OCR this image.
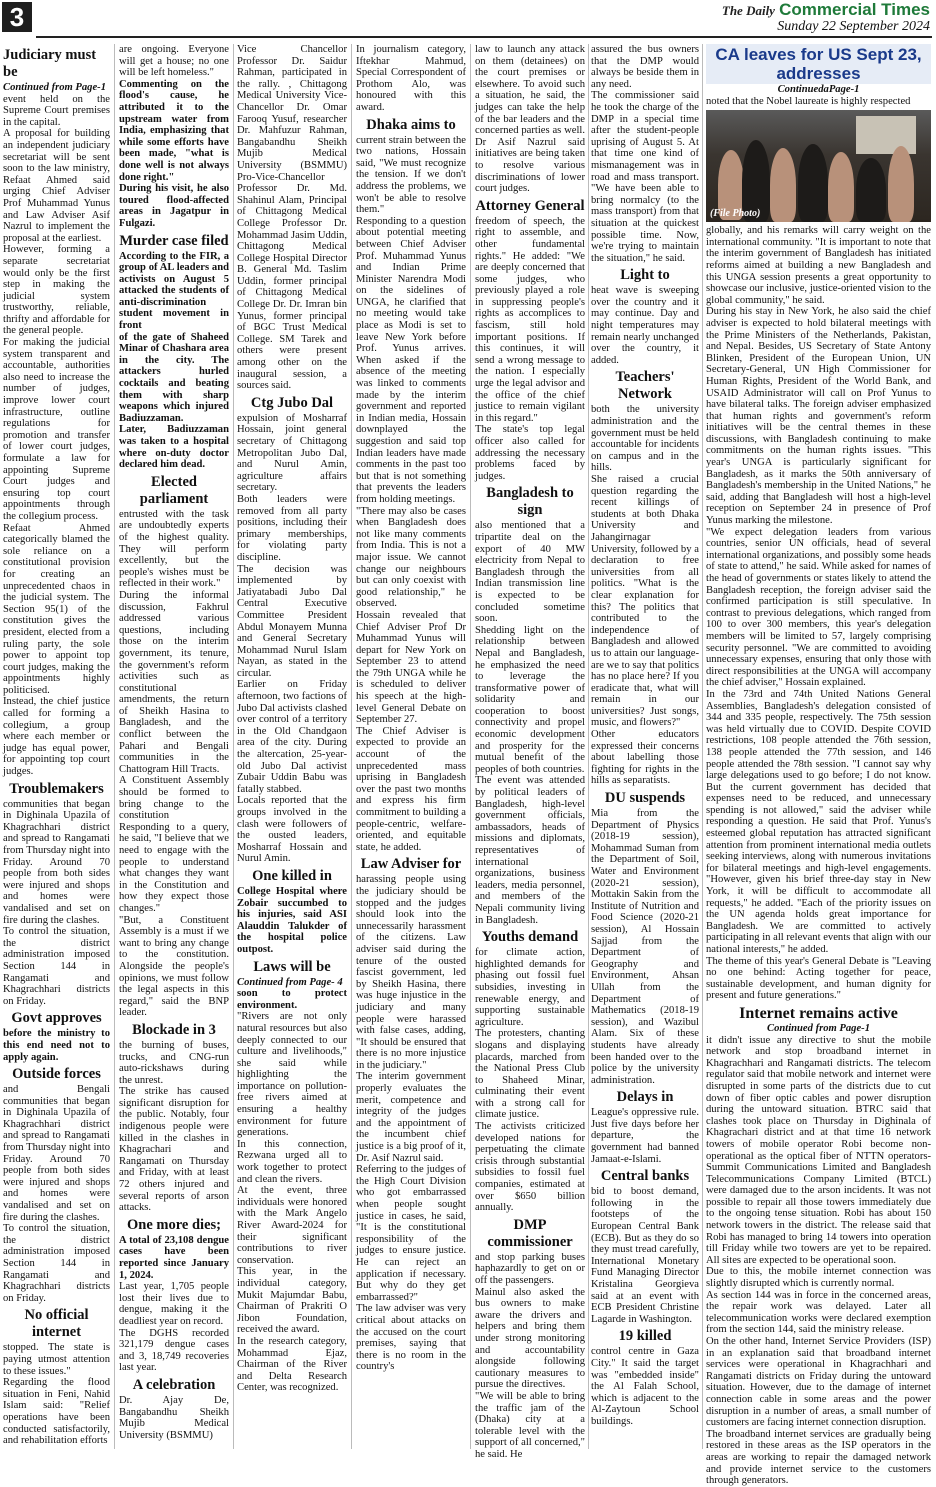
3	The Daily Commercial Times
Sunday 22 September 2024
Judiciary must be

Continued from Page-1

event held on the Supreme Court premises in the capital.

A proposal for building an independent judiciary secretariat will be sent soon to the law ministry, Refaat Ahmed said urging Chief Adviser Prof Muhammad Yunus and Law Adviser Asif Nazrul to implement the proposal at the earliest.

However, forming a separate secretariat would only be the first step in making the judicial system trustworthy, reliable, thrifty and affordable for the general people.

For making the judicial system transparent and accountable, authorities also need to increase the number of judges, improve lower court infrastructure, outline regulations for promotion and transfer of lower court judges, formulate a law for appointing Supreme Court judges and ensuring top court appointments through the collegium process.

Refaat Ahmed categorically blamed the sole reliance on a constitutional provision for creating an unprecedented chaos in the judicial system. The Section 95(1) of the constitution gives the president, elected from a ruling party, the sole power to appoint top court judges, making the appointments highly politicised.

Instead, the chief justice called for forming a collegium, a group where each member or judge has equal power, for appointing top court judges.

Troublemakers

communities that began in Dighinala Upazila of Khagrachhari district and spread to Rangamati from Thursday night into Friday. Around 70 people from both sides were injured and shops and homes were vandalised and set on fire during the clashes.

To control the situation, the district administration imposed Section 144 in Rangamati and Khagrachhari districts on Friday.

Govt approves

before the ministry to this end need not to apply again.

Outside forces

and Bengali communities that began in Dighinala Upazila of Khagrachhari district and spread to Rangamati from Thursday night into Friday. Around 70 people from both sides were injured and shops and homes were vandalised and set on fire during the clashes.

To control the situation, the district administration imposed Section 144 in Rangamati and Khagrachhari districts on Friday.

No official internet

stopped. The state is paying utmost attention to these issues."

Regarding the flood situation in Feni, Nahid Islam said: "Relief operations have been conducted satisfactorily, and rehabilitation efforts

are ongoing. Everyone will get a house; no one will be left homeless."

Commenting on the flood's cause, he attributed it to the upstream water from India, emphasizing that while some efforts have been made, "what is done well is not always done right."

During his visit, he also toured flood-affected areas in Jagatpur in Fulgazi.

Murder case filed

According to the FIR, a group of AL leaders and activists on August 5 attacked the students of anti-discrimination student movement in front

of the gate of Shaheed Minar of Chashara area in the city. The attackers hurled cocktails and beating them with sharp weapons which injured Badiuzzaman.

Later, Badiuzzaman was taken to a hospital where on-duty doctor declared him dead.

Elected parliament

entrusted with the task are undoubtedly experts of the highest quality. They will perform excellently, but the people's wishes must be reflected in their work."

During the informal discussion, Fakhrul addressed various questions, including those on the interim government, its tenure, the government's reform activities such as constitutional amendments, the return of Sheikh Hasina to Bangladesh, and the conflict between the Pahari and Bengali communities in the Chattogram Hill Tracts.

A Constituent Assembly should be formed to bring change to the constitution

Responding to a query, he said, "I believe that we need to engage with the people to understand what changes they want in the Constitution and how they expect those changes."

"But, a Constituent Assembly is a must if we want to bring any change to the constitution. Alongside the people's opinions, we must follow the legal aspects in this regard," said the BNP leader.

Blockade in 3

the burning of buses, trucks, and CNG-run auto-rickshaws during the unrest.

The strike has caused significant disruption for the public. Notably, four indigenous people were killed in the clashes in Khagrachari and Rangamati on Thursday and Friday, with at least 72 others injured and several reports of arson attacks.

One more dies;

A total of 23,108 dengue cases have been reported since January 1, 2024.

Last year, 1,705 people lost their lives due to dengue, making it the deadliest year on record.

The DGHS recorded 321,179 dengue cases and 3, 18,749 recoveries last year.

A celebration

Dr. Ajay De, Bangabandhu Sheikh Mujib Medical University (BSMMU)

Vice Chancellor Professor Dr. Saidur Rahman, participated in the rally. , Chittagong Medical University Vice-Chancellor Dr. Omar Farooq Yusuf, researcher Dr. Mahfuzur Rahman, Bangabandhu Sheikh Mujib Medical University (BSMMU) Pro-Vice-Chancellor Professor Dr. Md. Shahinul Alam, Principal of Chittagong Medical College Professor Dr. Mohammad Jasim Uddin, Chittagong Medical College Hospital Director B. General Md. Taslim Uddin, former principal of Chittagong Medical College Dr. Dr. Imran bin Yunus, former principal of BGC Trust Medical College. SM Tarek and others were present among other on the inaugural session, a sources said.

Ctg Jubo Dal

expulsion of Mosharraf Hossain, joint general secretary of Chittagong Metropolitan Jubo Dal, and Nurul Amin, agriculture affairs secretary.

Both leaders were removed from all party positions, including their primary memberships, for violating party discipline.

The decision was implemented by Jatiyatabadi Jubo Dal Central Executive Committee President Abdul Monayem Munna and General Secretary Mohammad Nurul Islam Nayan, as stated in the circular.

Earlier on Friday afternoon, two factions of Jubo Dal activists clashed over control of a territory in the Old Chandgaon area of the city. During the altercation, 25-year-old Jubo Dal activist Zubair Uddin Babu was fatally stabbed.

Locals reported that the groups involved in the clash were followers of the ousted leaders, Mosharraf Hossain and Nurul Amin.

One killed in

College Hospital where Zobair succumbed to his injuries, said ASI Alauddin Talukder of the hospital police outpost.

Laws will be

Continued from Page- 4

soon to protect environment.

"Rivers are not only natural resources but also deeply connected to our culture and livelihoods," she said while highlighting the importance on pollution-free rivers aimed at ensuring a healthy environment for future generations.

In this connection, Rezwana urged all to work together to protect and clean the rivers.

At the event, three individuals were honored with the Mark Angelo River Award-2024 for their significant contributions to river conservation.

This year, in the individual category, Mukit Majumdar Babu, Chairman of Prakriti O Jibon Foundation, received the award.

In the research category, Mohammad Ejaz, Chairman of the River and Delta Research Center, was recognized.

In journalism category, Iftekhar Mahmud, Special Correspondent of Prothom Alo, was honoured with this award.

Dhaka aims to

current strain between the two nations, Hossain said, "We must recognize the tension. If we don't address the problems, we won't be able to resolve them."

Responding to a question about potential meeting between Chief Adviser Prof. Muhammad Yunus and Indian Prime Minister Narendra Modi on the sidelines of UNGA, he clarified that no meeting would take place as Modi is set to leave New York before Prof. Yunus arrives. When asked if the absence of the meeting was linked to comments made by the interim government and reported in Indian media, Hossain downplayed the suggestion and said top Indian leaders have made comments in the past too but that is not something that prevents the leaders from holding meetings.

"There may also be cases when Bangladesh does not like many comments from India. This is not a major issue. We cannot change our neighbours but can only coexist with good relationship," he observed.

Hossain revealed that Chief Adviser Prof Dr Muhammad Yunus will depart for New York on September 23 to attend the 79th UNGA while he is scheduled to deliver his speech at the high-level General Debate on September 27.

The Chief Adviser is expected to provide an account of the unprecedented mass uprising in Bangladesh over the past two months and express his firm commitment to building a people-centric, welfare-oriented, and equitable state, he added.

Law Adviser for

harassing people using the judiciary should be stopped and the judges should look into the unnecessarily harassment of the citizens. Law adviser said during the tenure of the ousted fascist government, led by Sheikh Hasina, there was huge injustice in the judiciary and many people were harassed with false cases, adding, "It should be ensured that there is no more injustice in the judiciary."

The interim government properly evaluates the merit, competence and integrity of the judges and the appointment of the incumbent chief justice is a big proof of it, Dr. Asif Nazrul said.

Referring to the judges of the High Court Division who got embarrassed when people sought justice in cases, he said, "It is the constitutional responsibility of the judges to ensure justice. He can reject an application if necessary. But why do they get embarrassed?"

The law adviser was very critical about attacks on the accused on the court premises, saying that there is no room in the country's

law to launch any attack on them (detainees) on the court premises or elsewhere. To avoid such a situation, he said, the judges can take the help of the bar leaders and the concerned parties as well. Dr Asif Nazrul said initiatives are being taken to resolve various discriminations of lower court judges.

Attorney General

freedom of speech, the right to assemble, and other fundamental rights." He added: "We are deeply concerned that some judges, who previously played a role in suppressing people's rights as accomplices to fascism, still hold important positions. If this continues, it will send a wrong message to the nation. I especially urge the legal advisor and the office of the chief justice to remain vigilant in this regard."

The state's top legal officer also called for addressing the necessary problems faced by judges.

Bangladesh to sign

also mentioned that a tripartite deal on the export of 40 MW electricity from Nepal to Bangladesh through the Indian transmission line is expected to be concluded sometime soon.

Shedding light on the relationship between Nepal and Bangladesh, he emphasized the need to leverage the transformative power of solidarity and cooperation to boost connectivity and propel economic development and prosperity for the mutual benefit of the peoples of both countries.

The event was attended by political leaders of Bangladesh, high-level government officials, ambassadors, heads of missions and diplomats, representatives of international organizations, business leaders, media personnel, and members of the Nepali community living in Bangladesh.

Youths demand

for climate action, highlighted demands for phasing out fossil fuel subsidies, investing in renewable energy, and supporting sustainable agriculture.

The protesters, chanting slogans and displaying placards, marched from the National Press Club to Shaheed Minar, culminating their event with a strong call for climate justice.

The activists criticized developed nations for perpetuating the climate crisis through substantial subsidies to fossil fuel companies, estimated at over $650 billion annually.

DMP commissioner

and stop parking buses haphazardly to get on or off the passengers.

Mainul also asked the bus owners to make aware the drivers and helpers and bring them under strong monitoring and accountability alongside following cautionary measures to pursue the directives.

"We will be able to bring the traffic jam of the (Dhaka) city at a tolerable level with the support of all concerned," he said. He

assured the bus owners that the DMP would always be beside them in any need.

The commissioner said he took the charge of the DMP in a special time after the student-people uprising of August 5. At that time one kind of mismanagement was in road and mass transport. "We have been able to bring normalcy (to the mass transport) from that situation at the quickest possible time. Now, we're trying to maintain the situation," he said.

Light to

heat wave is sweeping over the country and it may continue. Day and night temperatures may remain nearly unchanged over the country, it added.

Teachers' Network

both the university administration and the government must be held accountable for incidents on campus and in the hills.

She raised a crucial question regarding the recent killings of students at both Dhaka University and Jahangirnagar University, followed by a declaration to free universities from all politics. "What is the clear explanation for this? The politics that contributed to the independence of Bangladesh and allowed us to attain our language-are we to say that politics has no place here? If you eradicate that, what will remain in our universities? Just songs, music, and flowers?"

Other educators expressed their concerns about labelling those fighting for rights in the hills as separatists.

DU suspends

Mia from the Department of Physics (2018-19 session), Mohammad Suman from the Department of Soil, Water and Environment (2020-21 session), Mottakin Sakin from the Institute of Nutrition and Food Science (2020-21 session), Al Hossain Sajjad from the Department of Geography and Environment, Ahsan Ullah from the Department of Mathematics (2018-19 session), and Wazibul Alam. Six of these students have already been handed over to the police by the university administration.

Delays in

League's oppressive rule. Just five days before her departure, the government had banned Jamaat-e-Islami.

Central banks

bid to boost demand, following in the footsteps of the European Central Bank (ECB). But as they do so they must tread carefully, International Monetary Fund Managing Director Kristalina Georgieva said at an event with ECB President Christine Lagarde in Washington.

19 killed

control centre in Gaza City." It said the target was "embedded inside" the Al Falah School, which is adjacent to the Al-Zaytoun School buildings.

CA leaves for US Sept 23, addresses

ContinuedaPage-1

noted that the Nobel laureate is highly respected

(File Photo)

globally, and his remarks will carry weight on the international community. "It is important to note that the interim government of Bangladesh has initiated reforms aimed at building a new Bangladesh and this UNGA session presents a great opportunity to showcase our inclusive, justice-oriented vision to the global community," he said.

During his stay in New York, he also said the chief adviser is expected to hold bilateral meetings with the Prime Ministers of the Netherlands, Pakistan, and Nepal. Besides, US Secretary of State Antony Blinken, President of the European Union, UN Secretary-General, UN High Commissioner for Human Rights, President of the World Bank, and USAID Administrator will call on Prof Yunus to have bilateral talks. The foreign adviser emphasized that human rights and government's reform initiatives will be the central themes in these discussions, with Bangladesh continuing to make commitments on the human rights issues. "This year's UNGA is particularly significant for Bangladesh, as it marks the 50th anniversary of Bangladesh's membership in the United Nations," he said, adding that Bangladesh will host a high-level reception on September 24 in presence of Prof Yunus marking the milestone.

"We expect delegation leaders from various countries, senior UN officials, head of several international organizations, and possibly some heads of state to attend," he said. While asked for names of the head of governments or states likely to attend the Bangladesh reception, the foreign adviser said the confirmed participation is still speculative. In contrast to previous delegations, which ranged from 100 to over 300 members, this year's delegation members will be limited to 57, largely comprising security personnel. "We are committed to avoiding unnecessary expenses, ensuring that only those with direct responsibilities at the UNGA will accompany the chief adviser," Hossain explained.

In the 73rd and 74th United Nations General Assemblies, Bangladesh's delegation consisted of 344 and 335 people, respectively. The 75th session was held virtually due to COVID. Despite COVID restrictions, 108 people attended the 76th session, 138 people attended the 77th session, and 146 people attended the 78th session. "I cannot say why large delegations used to go before; I do not know. But the current government has decided that expenses need to be reduced, and unnecessary spending is not allowed," said the adviser while responding a question. He said that Prof. Yunus's esteemed global reputation has attracted significant attention from prominent international media outlets seeking interviews, along with numerous invitations for bilateral meetings and high-level engagements. "However, given his brief three-day stay in New York, it will be difficult to accommodate all requests," he added. "Each of the priority issues on the UN agenda holds great importance for Bangladesh. We are committed to actively participating in all relevant events that align with our national interests," he added.

The theme of this year's General Debate is "Leaving no one behind: Acting together for peace, sustainable development, and human dignity for present and future generations."

Internet remains active

Continued from Page-1

it didn't issue any directive to shut the mobile network and stop broadband internet in Khagrachhari and Rangamati districts. The telecom regulator said that mobile network and internet were disrupted in some parts of the districts due to cut down of fiber optic cables and power disruption during the untoward situation. BTRC said that clashes took place on Thursday in Dighinala of Khagrachari district and at that time 16 network towers of mobile operator Robi become non-operational as the optical fiber of NTTN operators- Summit Communications Limited and Bangladesh Telecommunications Company Limited (BTCL) were damaged due to the arson incidents. It was not possible to repair all those towers immediately due to the ongoing tense situation. Robi has about 150 network towers in the district. The release said that Robi has managed to bring 14 towers into operation till Friday while two towers are yet to be repaired. All sites are expected to be operational soon.

Due to this, the mobile internet connection was slightly disrupted which is currently normal.

As section 144 was in force in the concerned areas, the repair work was delayed. Later all telecommunication works were declared exemption from the section 144, said the ministry release.

On the other hand, Internet Service Providers (ISP) in an explanation said that broadband internet services were operational in Khagrachhari and Rangamati districts on Friday during the untoward situation. However, due to the damage of internet connection cable in some areas and the power disruption in a number of areas, a small number of customers are facing internet connection disruption.

The broadband internet services are gradually being restored in these areas as the ISP operators in the areas are working to repair the damaged network and provide internet service to the customers through generators.
